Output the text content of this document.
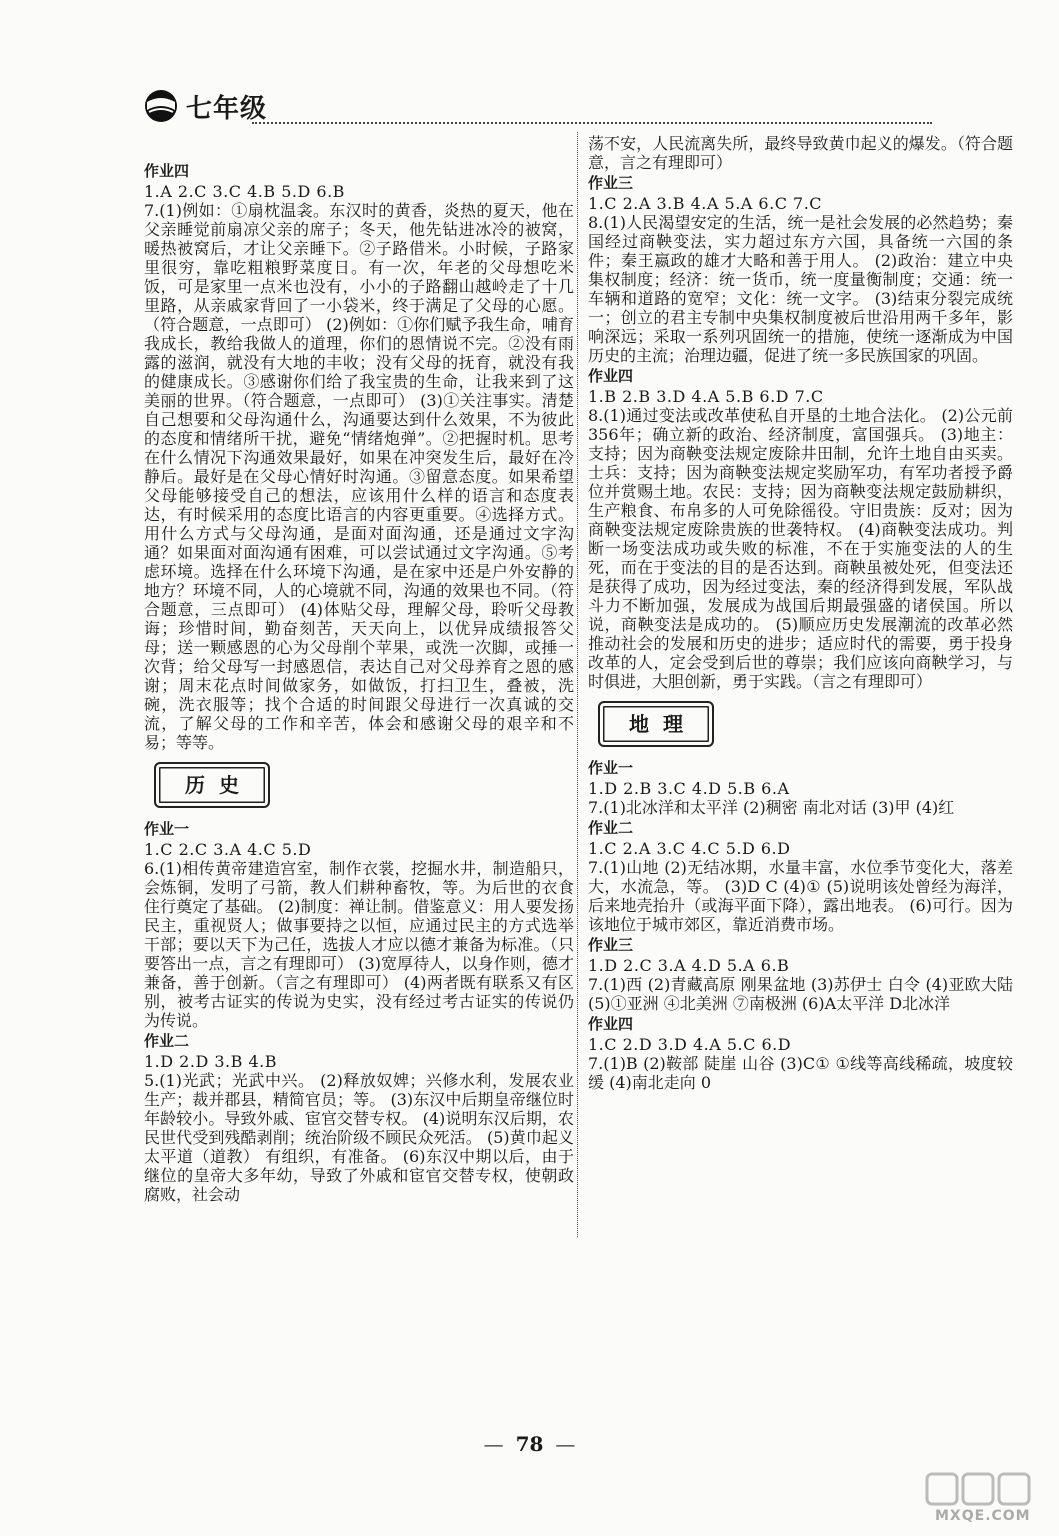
七年级
作业四
1.A 2.C 3.C 4.B 5.D 6.B

7.(1)例如：①扇枕温衾。东汉时的黄香，炎热的夏天，他在父亲睡觉前扇凉父亲的席子；冬天，他先钻进冰冷的被窝，暖热被窝后，才让父亲睡下。②子路借米。小时候，子路家里很穷，靠吃粗粮野菜度日。有一次，年老的父母想吃米饭，可是家里一点米也没有，小小的子路翻山越岭走了十几里路，从亲戚家背回了一小袋米，终于满足了父母的心愿。（符合题意，一点即可） (2)例如：①你们赋予我生命，哺育我成长，教给我做人的道理，你们的恩情说不完。②没有雨露的滋润，就没有大地的丰收；没有父母的抚育，就没有我的健康成长。③感谢你们给了我宝贵的生命，让我来到了这美丽的世界。（符合题意，一点即可） (3)①关注事实。清楚自己想要和父母沟通什么，沟通要达到什么效果，不为彼此的态度和情绪所干扰，避免“情绪炮弹”。②把握时机。思考在什么情况下沟通效果最好，如果在冲突发生后，最好在冷静后。最好是在父母心情好时沟通。③留意态度。如果希望父母能够接受自己的想法，应该用什么样的语言和态度表达，有时候采用的态度比语言的内容更重要。④选择方式。用什么方式与父母沟通，是面对面沟通，还是通过文字沟通？如果面对面沟通有困难，可以尝试通过文字沟通。⑤考虑环境。选择在什么环境下沟通，是在家中还是户外安静的地方？环境不同，人的心境就不同，沟通的效果也不同。（符合题意，三点即可） (4)体贴父母，理解父母，聆听父母教诲；珍惜时间，勤奋刻苦，天天向上，以优异成绩报答父母；送一颗感恩的心为父母削个苹果，或洗一次脚，或捶一次背；给父母写一封感恩信，表达自己对父母养育之恩的感谢；周末花点时间做家务，如做饭，打扫卫生，叠被，洗碗，洗衣服等；找个合适的时间跟父母进行一次真诚的交流，了解父母的工作和辛苦，体会和感谢父母的艰辛和不易；等等。

历史
作业一
1.C 2.C 3.A 4.C 5.D

6.(1)相传黄帝建造宫室，制作衣裳，挖掘水井，制造船只，会炼铜，发明了弓箭，教人们耕种畜牧，等。为后世的衣食住行奠定了基础。 (2)制度：禅让制。借鉴意义：用人要发扬民主，重视贤人；做事要持之以恒，应通过民主的方式选举干部；要以天下为己任，选拔人才应以德才兼备为标准。（只要答出一点，言之有理即可） (3)宽厚待人，以身作则，德才兼备，善于创新。（言之有理即可） (4)两者既有联系又有区别，被考古证实的传说为史实，没有经过考古证实的传说仍为传说。

作业二
1.D 2.D 3.B 4.B

5.(1)光武；光武中兴。 (2)释放奴婢；兴修水利，发展农业生产；裁并郡县，精简官员；等。 (3)东汉中后期皇帝继位时年龄较小。导致外戚、宦官交替专权。 (4)说明东汉后期，农民世代受到残酷剥削；统治阶级不顾民众死活。 (5)黄巾起义 太平道（道教） 有组织，有准备。 (6)东汉中期以后，由于继位的皇帝大多年幼，导致了外戚和宦官交替专权，使朝政腐败，社会动

荡不安，人民流离失所，最终导致黄巾起义的爆发。（符合题意，言之有理即可）

作业三
1.C 2.A 3.B 4.A 5.A 6.C 7.C

8.(1)人民渴望安定的生活，统一是社会发展的必然趋势；秦国经过商鞅变法，实力超过东方六国，具备统一六国的条件；秦王嬴政的雄才大略和善于用人。 (2)政治：建立中央集权制度；经济：统一货币，统一度量衡制度；交通：统一车辆和道路的宽窄；文化：统一文字。 (3)结束分裂完成统一；创立的君主专制中央集权制度被后世沿用两千多年，影响深远；采取一系列巩固统一的措施，使统一逐渐成为中国历史的主流；治理边疆，促进了统一多民族国家的巩固。

作业四
1.B 2.B 3.D 4.A 5.B 6.D 7.C

8.(1)通过变法或改革使私自开垦的土地合法化。 (2)公元前356年；确立新的政治、经济制度，富国强兵。 (3)地主：支持；因为商鞅变法规定废除井田制，允许土地自由买卖。士兵：支持；因为商鞅变法规定奖励军功，有军功者授予爵位并赏赐土地。农民：支持；因为商鞅变法规定鼓励耕织，生产粮食、布帛多的人可免除徭役。守旧贵族：反对；因为商鞅变法规定废除贵族的世袭特权。 (4)商鞅变法成功。判断一场变法成功或失败的标准，不在于实施变法的人的生死，而在于变法的目的是否达到。商鞅虽被处死，但变法还是获得了成功，因为经过变法，秦的经济得到发展，军队战斗力不断加强，发展成为战国后期最强盛的诸侯国。所以说，商鞅变法是成功的。 (5)顺应历史发展潮流的改革必然推动社会的发展和历史的进步；适应时代的需要，勇于投身改革的人，定会受到后世的尊崇；我们应该向商鞅学习，与时俱进，大胆创新，勇于实践。（言之有理即可）

地理
作业一
1.D 2.B 3.C 4.D 5.B 6.A

7.(1)北冰洋和太平洋 (2)稠密 南北对话 (3)甲 (4)红

作业二
1.C 2.A 3.C 4.C 5.D 6.D

7.(1)山地 (2)无结冰期，水量丰富，水位季节变化大，落差大，水流急，等。 (3)D C (4)① (5)说明该处曾经为海洋，后来地壳抬升（或海平面下降），露出地表。 (6)可行。因为该地位于城市郊区，靠近消费市场。

作业三
1.D 2.C 3.A 4.D 5.A 6.B

7.(1)西 (2)青藏高原 刚果盆地 (3)苏伊士 白令 (4)亚欧大陆 (5)①亚洲 ④北美洲 ⑦南极洲 (6)A太平洋 D北冰洋

作业四
1.C 2.D 3.D 4.A 5.C 6.D

7.(1)B (2)鞍部 陡崖 山谷 (3)C① ①线等高线稀疏，坡度较缓 (4)南北走向 0

— 78 —
MXQE.COM
